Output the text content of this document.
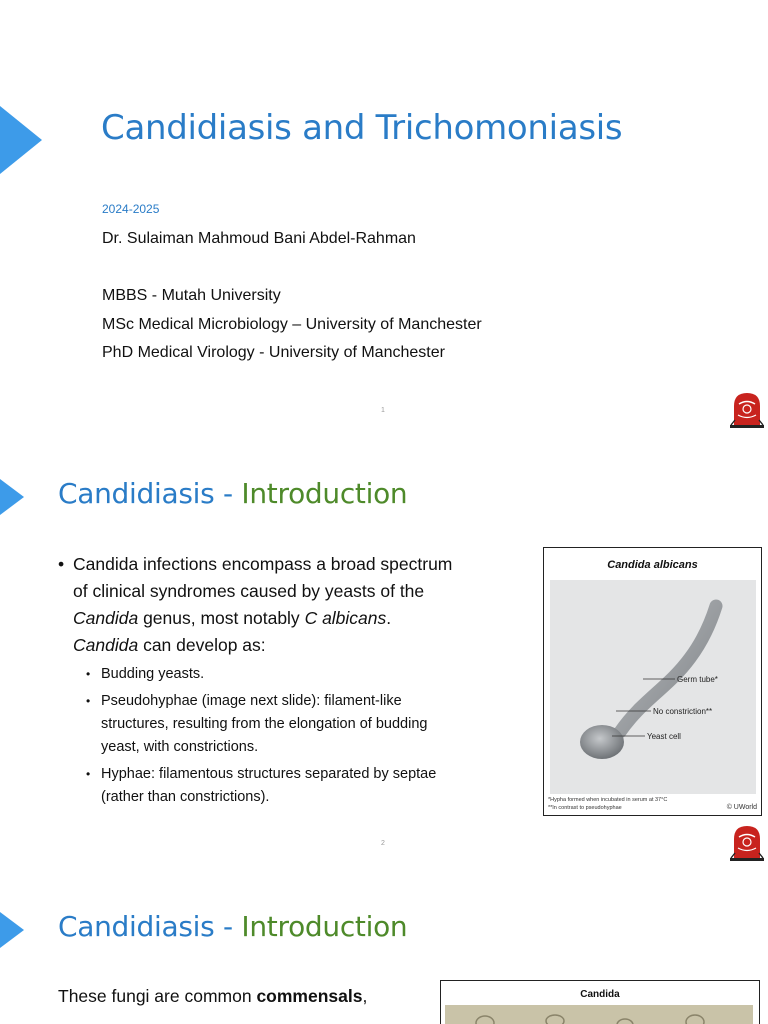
Candidiasis and Trichomoniasis
2024-2025
Dr. Sulaiman Mahmoud Bani Abdel-Rahman
MBBS - Mutah University
MSc Medical Microbiology – University of Manchester
PhD Medical Virology - University of Manchester
1
Candidiasis - Introduction
• Candida infections encompass a broad spectrum of clinical syndromes caused by yeasts of the Candida genus, most notably C albicans. Candida can develop as:
• Budding yeasts.
• Pseudohyphae (image next slide): filament-like structures, resulting from the elongation of budding yeast, with constrictions.
• Hyphae: filamentous structures separated by septae (rather than constrictions).
Candida albicans
Germ tube*
No constriction**
Yeast cell
*Hypha formed when incubated in serum at 37°C
**In contrast to pseudohyphae	© UWorld
2
Candidiasis - Introduction
These fungi are common commensals,	Candida
